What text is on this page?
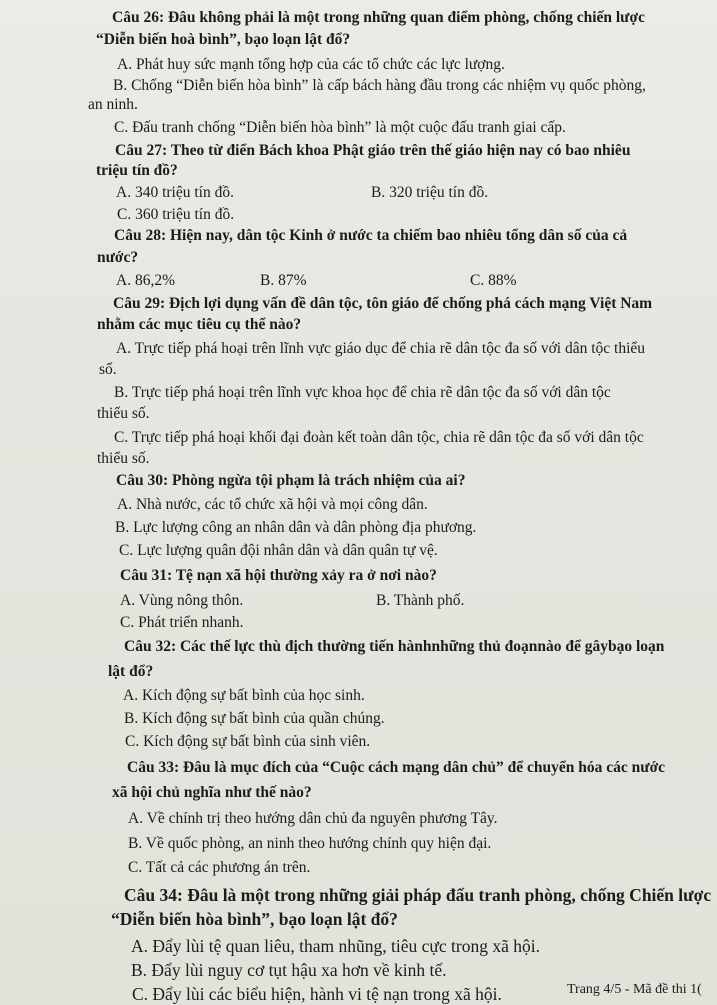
Câu 26: Đâu không phải là một trong những quan điểm phòng, chống chiến lược
“Diễn biến hoà bình”, bạo loạn lật đổ?
A. Phát huy sức mạnh tổng hợp của các tổ chức các lực lượng.
B. Chống “Diễn biến hòa bình” là cấp bách hàng đầu trong các nhiệm vụ quốc phòng,
an ninh.
C. Đấu tranh chống “Diễn biến hòa bình” là một cuộc đấu tranh giai cấp.
Câu 27: Theo từ điển Bách khoa Phật giáo trên thế giáo hiện nay có bao nhiêu
triệu tín đồ?
A. 340 triệu tín đồ.	B. 320 triệu tín đồ.
C. 360 triệu tín đồ.
Câu 28: Hiện nay, dân tộc Kinh ở nước ta chiếm bao nhiêu tổng dân số của cả
nước?
A. 86,2%	B. 87%	C. 88%
Câu 29: Địch lợi dụng vấn đề dân tộc, tôn giáo để chống phá cách mạng Việt Nam
nhằm các mục tiêu cụ thể nào?
A. Trực tiếp phá hoại trên lĩnh vực giáo dục để chia rẽ dân tộc đa số với dân tộc thiểu
số.
B. Trực tiếp phá hoại trên lĩnh vực khoa học để chia rẽ dân tộc đa số với dân tộc
thiểu số.
C. Trực tiếp phá hoại khối đại đoàn kết toàn dân tộc, chia rẽ dân tộc đa số với dân tộc
thiểu số.
Câu 30: Phòng ngừa tội phạm là trách nhiệm của ai?
A. Nhà nước, các tổ chức xã hội và mọi công dân.
B. Lực lượng công an nhân dân và dân phòng địa phương.
C. Lực lượng quân đội nhân dân và dân quân tự vệ.
Câu 31: Tệ nạn xã hội thường xảy ra ở nơi nào?
A. Vùng nông thôn.	B. Thành phố.
C. Phát triển nhanh.
Câu 32: Các thế lực thù địch thường tiến hànhnhững thủ đoạnnào để gâybạo loạn
lật đổ?
A. Kích động sự bất bình của học sinh.
B. Kích động sự bất bình của quần chúng.
C. Kích động sự bất bình của sinh viên.
Câu 33: Đâu là mục đích của “Cuộc cách mạng dân chủ” để chuyển hóa các nước
xã hội chủ nghĩa như thế nào?
A. Về chính trị theo hướng dân chủ đa nguyên phương Tây.
B. Về quốc phòng, an ninh theo hướng chính quy hiện đại.
C. Tất cả các phương án trên.
Câu 34: Đâu là một trong những giải pháp đấu tranh phòng, chống Chiến lược
“Diễn biến hòa bình”, bạo loạn lật đổ?
A. Đẩy lùi tệ quan liêu, tham nhũng, tiêu cực trong xã hội.
B. Đẩy lùi nguy cơ tụt hậu xa hơn về kinh tế.
C. Đẩy lùi các biểu hiện, hành vi tệ nạn trong xã hội.	Trang 4/5 - Mã đề thi 1(
